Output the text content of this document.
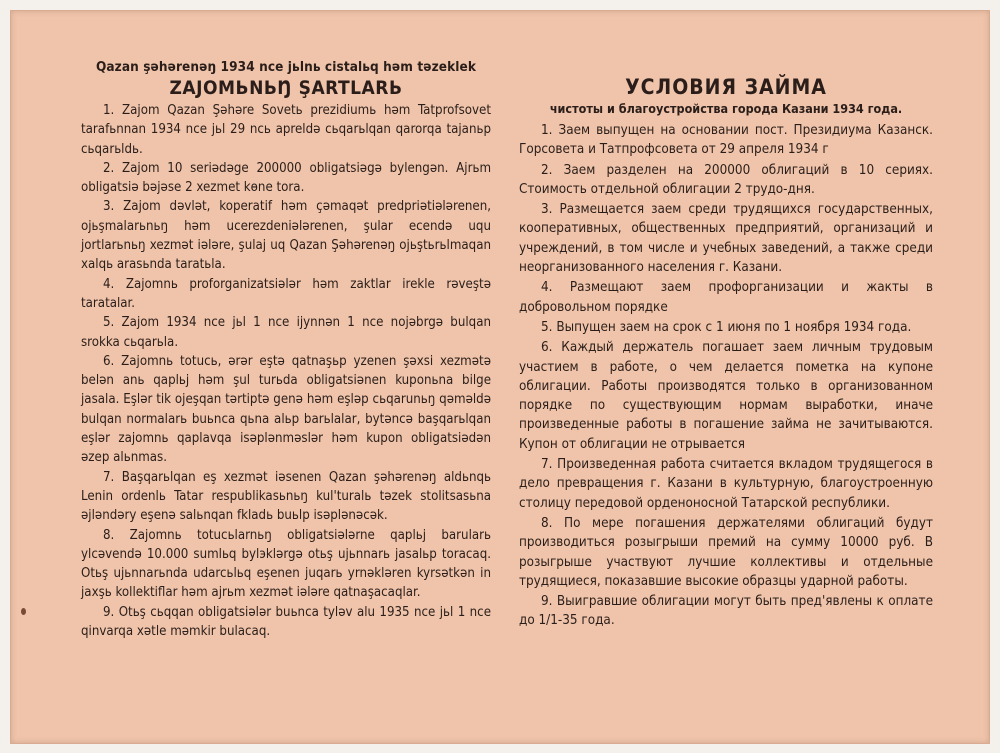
Qazan şəhərenəŋ 1934 nce jьlnь cistalьq həm təzeklek
ZAJOMЬNЬŊ ŞARTLARЬ

1. Zajom Qazan Şəhəre Sovetь prezidiumь həm Tatprofsovet tarafьnnan 1934 nce jьl 29 ncь apreldə cьqarьlqan qarorqa tajanьp cьqarьldь.

2. Zajom 10 seriədəge 200000 obligatsiəgə bylengən. Ajrьm obligatsiə bəjəse 2 xezmet kөne tora.

3. Zajom dəvlət, koperatif həm çəmaqət predpriətiələrenen, ojьşmalarьnьŋ həm ucerezdeniələrenen, şular ecendə uqu jortlarьnьŋ xezmət iələre, şulaj uq Qazan Şəhərenəŋ ojьştьrьlmaqan xalqь arasьnda taratьla.

4. Zajomnь proforganizatsiələr həm zaktlar irekle rəveştə taratalar.

5. Zajom 1934 nce jьl 1 nce ijynnən 1 nce nojəbrgə bulqan srokka cьqarьla.

6. Zajomnь totucь, ərər eştə qatnaşьp yzenen şəxsi xezmətə belən anь qaplьj həm şul turьda obligatsiənen kuponьna bilge jasala. Eşlər tik ojeşqan tərtiptə genə həm eşləp cьqarunьŋ qəməldə bulqan normalarь buьnca qьna alьp barьlalar, bytəncə başqarьlqan eşlər zajomnь qaplavqa isəplənməslər həm kupon obligatsiədən əzep alьnmas.

7. Başqarьlqan eş xezmət iəsenen Qazan şəhərenəŋ aldьnqь Lenin ordenlь Tatar respublikasьnьŋ kul'turalь təzek stolitsasьna əjləndəry eşenə salьnqan fkladь buьlp isəplənəcək.

8. Zajomnь totucьlarnьŋ obligatsiələrne qaplьj barularь ylcəvendə 10.000 sumlьq bylэklərgə otьş ujьnnarь jasalьp toracaq. Otьş ujьnnarьnda udarcьlьq eşenen juqarь yrnəklərеn kyrsətkən in jaxşь kollektiflar həm ajrьm xezmət iələre qatnaşacaqlar.

9. Otьş cьqqan obligatsiələr buьnca tyləv alu 1935 nce jьl 1 nce qinvarqa xətle məmkir bulacaq.

УСЛОВИЯ ЗАЙМА
чистоты и благоустройства города Казани 1934 года.

1. Заем выпущен на основании пост. Президиума Казанск. Горсовета и Татпрофсовета от 29 апреля 1934 г

2. Заем разделен на 200000 облигаций в 10 сериях. Стоимость отдельной облигации 2 трудо-дня.

3. Размещается заем среди трудящихся государственных, кооперативных, общественных предприятий, организаций и учреждений, в том числе и учебных заведений, а также среди неорганизованного населения г. Казани.

4. Размещают заем профорганизации и жакты в добровольном порядке

5. Выпущен заем на срок с 1 июня по 1 ноября 1934 года.

6. Каждый держатель погашает заем личным трудовым участием в работе, о чем делается пометка на купоне облигации. Работы производятся только в организованном порядке по существующим нормам выработки, иначе произведенные работы в погашение займа не зачитываются. Купон от облигации не отрывается

7. Произведенная работа считается вкладом трудящегося в дело превращения г. Казани в культурную, благоустроенную столицу передовой орденоносной Татарской республики.

8. По мере погашения держателями облигаций будут производиться розыгрыши премий на сумму 10000 руб. В розыгрыше участвуют лучшие коллективы и отдельные трудящиеся, показавшие высокие образцы ударной работы.

9. Выигравшие облигации могут быть пред'явлены к оплате до 1/1-35 года.
